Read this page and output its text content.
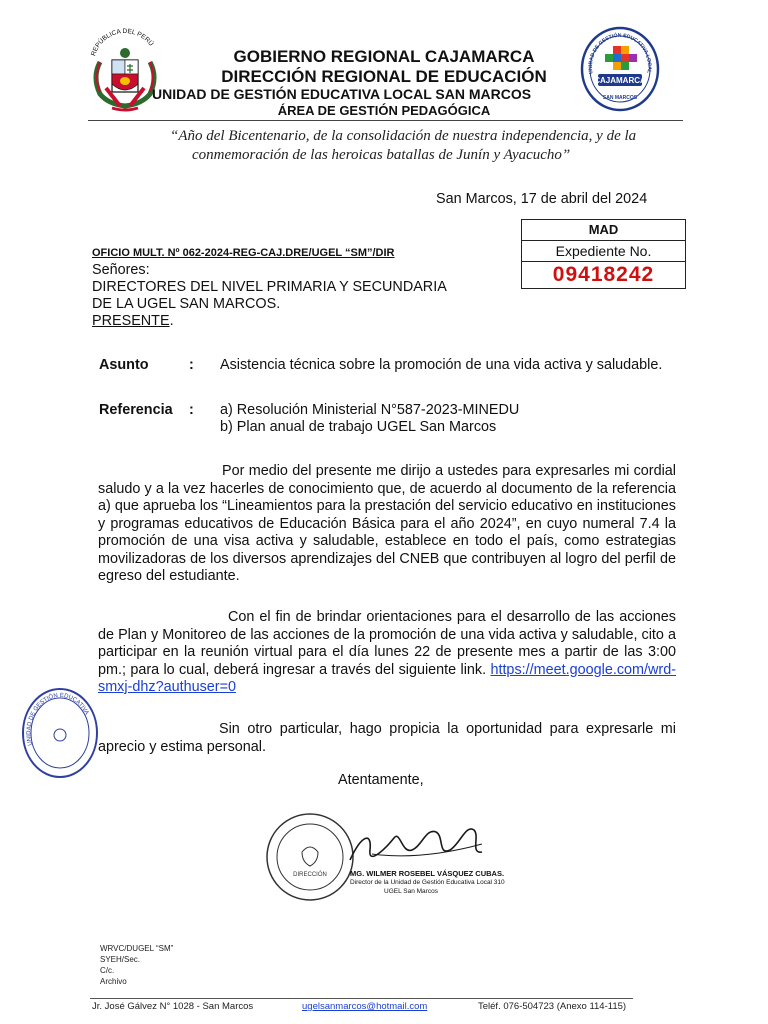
REPÚBLICA DEL PERÚ
GOBIERNO REGIONAL CAJAMARCA
DIRECCIÓN REGIONAL DE EDUCACIÓN
UNIDAD DE GESTIÓN EDUCATIVA LOCAL SAN MARCOS
ÁREA DE GESTIÓN PEDAGÓGICA
UNIDAD DE GESTIÓN EDUCATIVA LOCAL
CAJAMARCA
SAN MARCOS
“Año del Bicentenario, de la consolidación de nuestra independencia, y de la
conmemoración de las heroicas batallas de Junín y Ayacucho”
San Marcos, 17 de abril del 2024
MAD
Expediente No.
09418242
OFICIO MULT. Nº 062-2024-REG-CAJ.DRE/UGEL “SM”/DIR
Señores:
DIRECTORES DEL NIVEL PRIMARIA Y SECUNDARIA
DE LA UGEL SAN MARCOS.
PRESENTE.
Asunto	: Asistencia técnica sobre la promoción de una vida activa y saludable.
Referencia : a) Resolución Ministerial N°587-2023-MINEDU
b) Plan anual de trabajo UGEL San Marcos
Por medio del presente me dirijo a ustedes para expresarles mi cordial saludo y a la vez hacerles de conocimiento que, de acuerdo al documento de la referencia a) que aprueba los “Lineamientos para la prestación del servicio educativo en instituciones y programas educativos de Educación Básica para el año 2024”, en cuyo numeral 7.4 la promoción de una visa activa y saludable, establece en todo el país, como estrategias movilizadoras de los diversos aprendizajes del CNEB que contribuyen al logro del perfil de egreso del estudiante.
Con el fin de brindar orientaciones para el desarrollo de las acciones de Plan y Monitoreo de las acciones de la promoción de una vida activa y saludable, cito a participar en la reunión virtual para el día lunes 22 de presente mes a partir de las 3:00 pm.; para lo cual, deberá ingresar a través del siguiente link. https://meet.google.com/wrd-smxj-dhz?authuser=0
Sin otro particular, hago propicia la oportunidad para expresarle mi aprecio y estima personal.
UNIDAD DE GESTIÓN EDUCATIVA
Atentamente,
DIRECCIÓN	MG. WILMER ROSEBEL VÁSQUEZ CUBAS.
Director de la Unidad de Gestión Educativa Local 310
UGEL San Marcos
WRVC/DUGEL “SM”
SYEH/Sec.
C/c.
Archivo
Jr. José Gálvez N° 1028 - San Marcos	ugelsanmarcos@hotmail.com	Teléf. 076-504723 (Anexo 114-115)
